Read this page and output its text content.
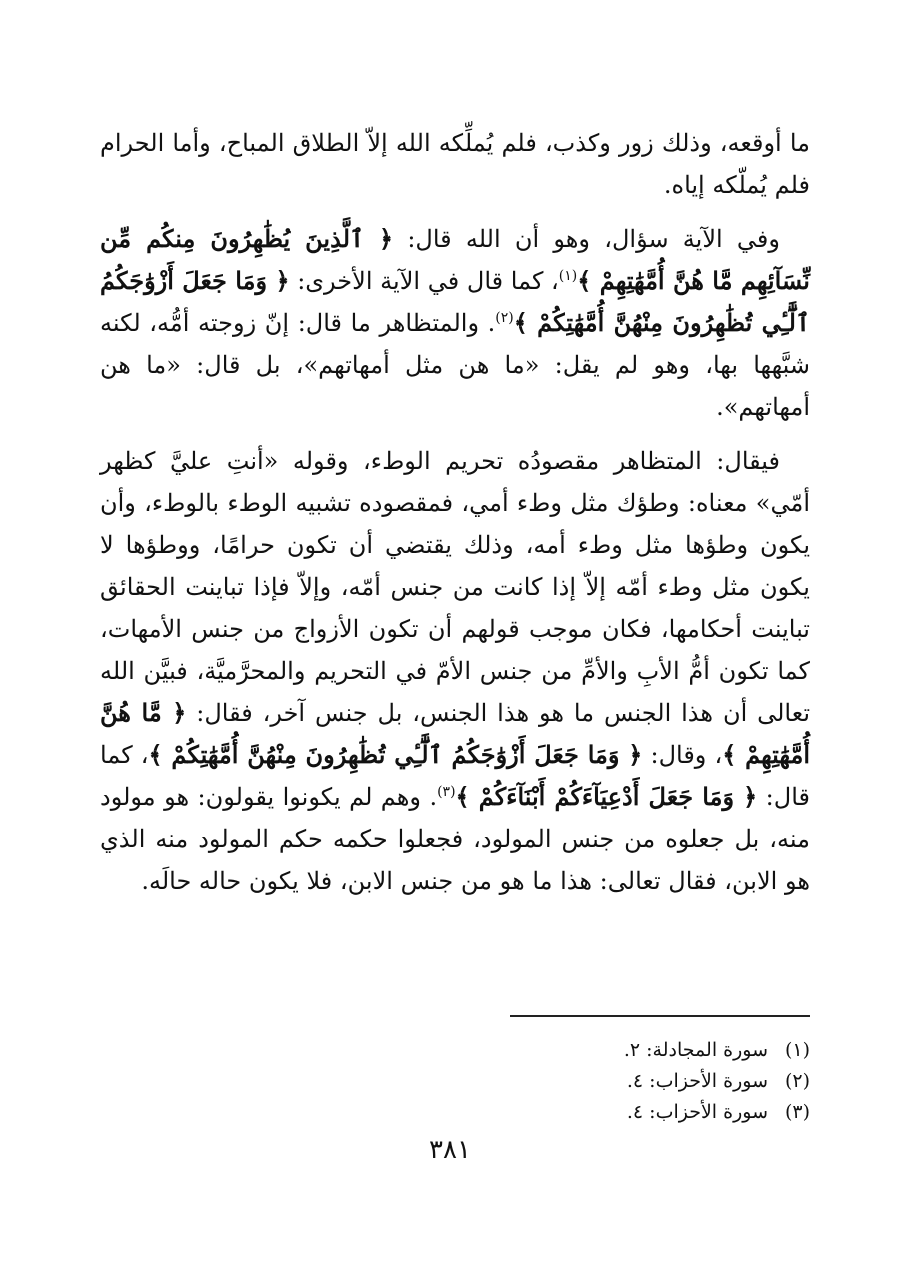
ما أوقعه، وذلك زور وكذب، فلم يُملِّكه الله إلاّ الطلاق المباح، وأما الحرام فلم يُملّكه إياه.

وفي الآية سؤال، وهو أن الله قال: ﴿ ٱلَّذِينَ يُظَٰهِرُونَ مِنكُم مِّن نِّسَآئِهِم مَّا هُنَّ أُمَّهَٰتِهِمْ ﴾$^{(١)}$، كما قال في الآية الأخرى: ﴿ وَمَا جَعَلَ أَزْوَٰجَكُمُ ٱلَّٰٓـِٔي تُظَٰهِرُونَ مِنْهُنَّ أُمَّهَٰتِكُمْ ﴾$^{(٢)}$. والمتظاهر ما قال: إنّ زوجته أمُّه، لكنه شبَّهها بها، وهو لم يقل: «ما هن مثل أمهاتهم»، بل قال: «ما هن أمهاتهم».

فيقال: المتظاهر مقصودُه تحريم الوطء، وقوله «أنتِ عليَّ كظهر أمّي» معناه: وطؤك مثل وطء أمي، فمقصوده تشبيه الوطء بالوطء، وأن يكون وطؤها مثل وطء أمه، وذلك يقتضي أن تكون حرامًا، ووطؤها لا يكون مثل وطء أمّه إلاّ إذا كانت من جنس أمّه، وإلاّ فإذا تباينت الحقائق تباينت أحكامها، فكان موجب قولهم أن تكون الأزواج من جنس الأمهات، كما تكون أمُّ الأبِ والأمِّ من جنس الأمّ في التحريم والمحرَّميَّة، فبيَّن الله تعالى أن هذا الجنس ما هو هذا الجنس، بل جنس آخر، فقال: ﴿ مَّا هُنَّ أُمَّهَٰتِهِمْ ﴾، وقال: ﴿ وَمَا جَعَلَ أَزْوَٰجَكُمُ ٱلَّٰٓـِٔي تُظَٰهِرُونَ مِنْهُنَّ أُمَّهَٰتِكُمْ ﴾، كما قال: ﴿ وَمَا جَعَلَ أَدْعِيَآءَكُمْ أَبْنَآءَكُمْ ﴾$^{(٣)}$. وهم لم يكونوا يقولون: هو مولود منه، بل جعلوه من جنس المولود، فجعلوا حكمه حكم المولود منه الذي هو الابن، فقال تعالى: هذا ما هو من جنس الابن، فلا يكون حاله حالَه.

(١)سورة المجادلة: ٢.
(٢)سورة الأحزاب: ٤.
(٣)سورة الأحزاب: ٤.
٣٨١
